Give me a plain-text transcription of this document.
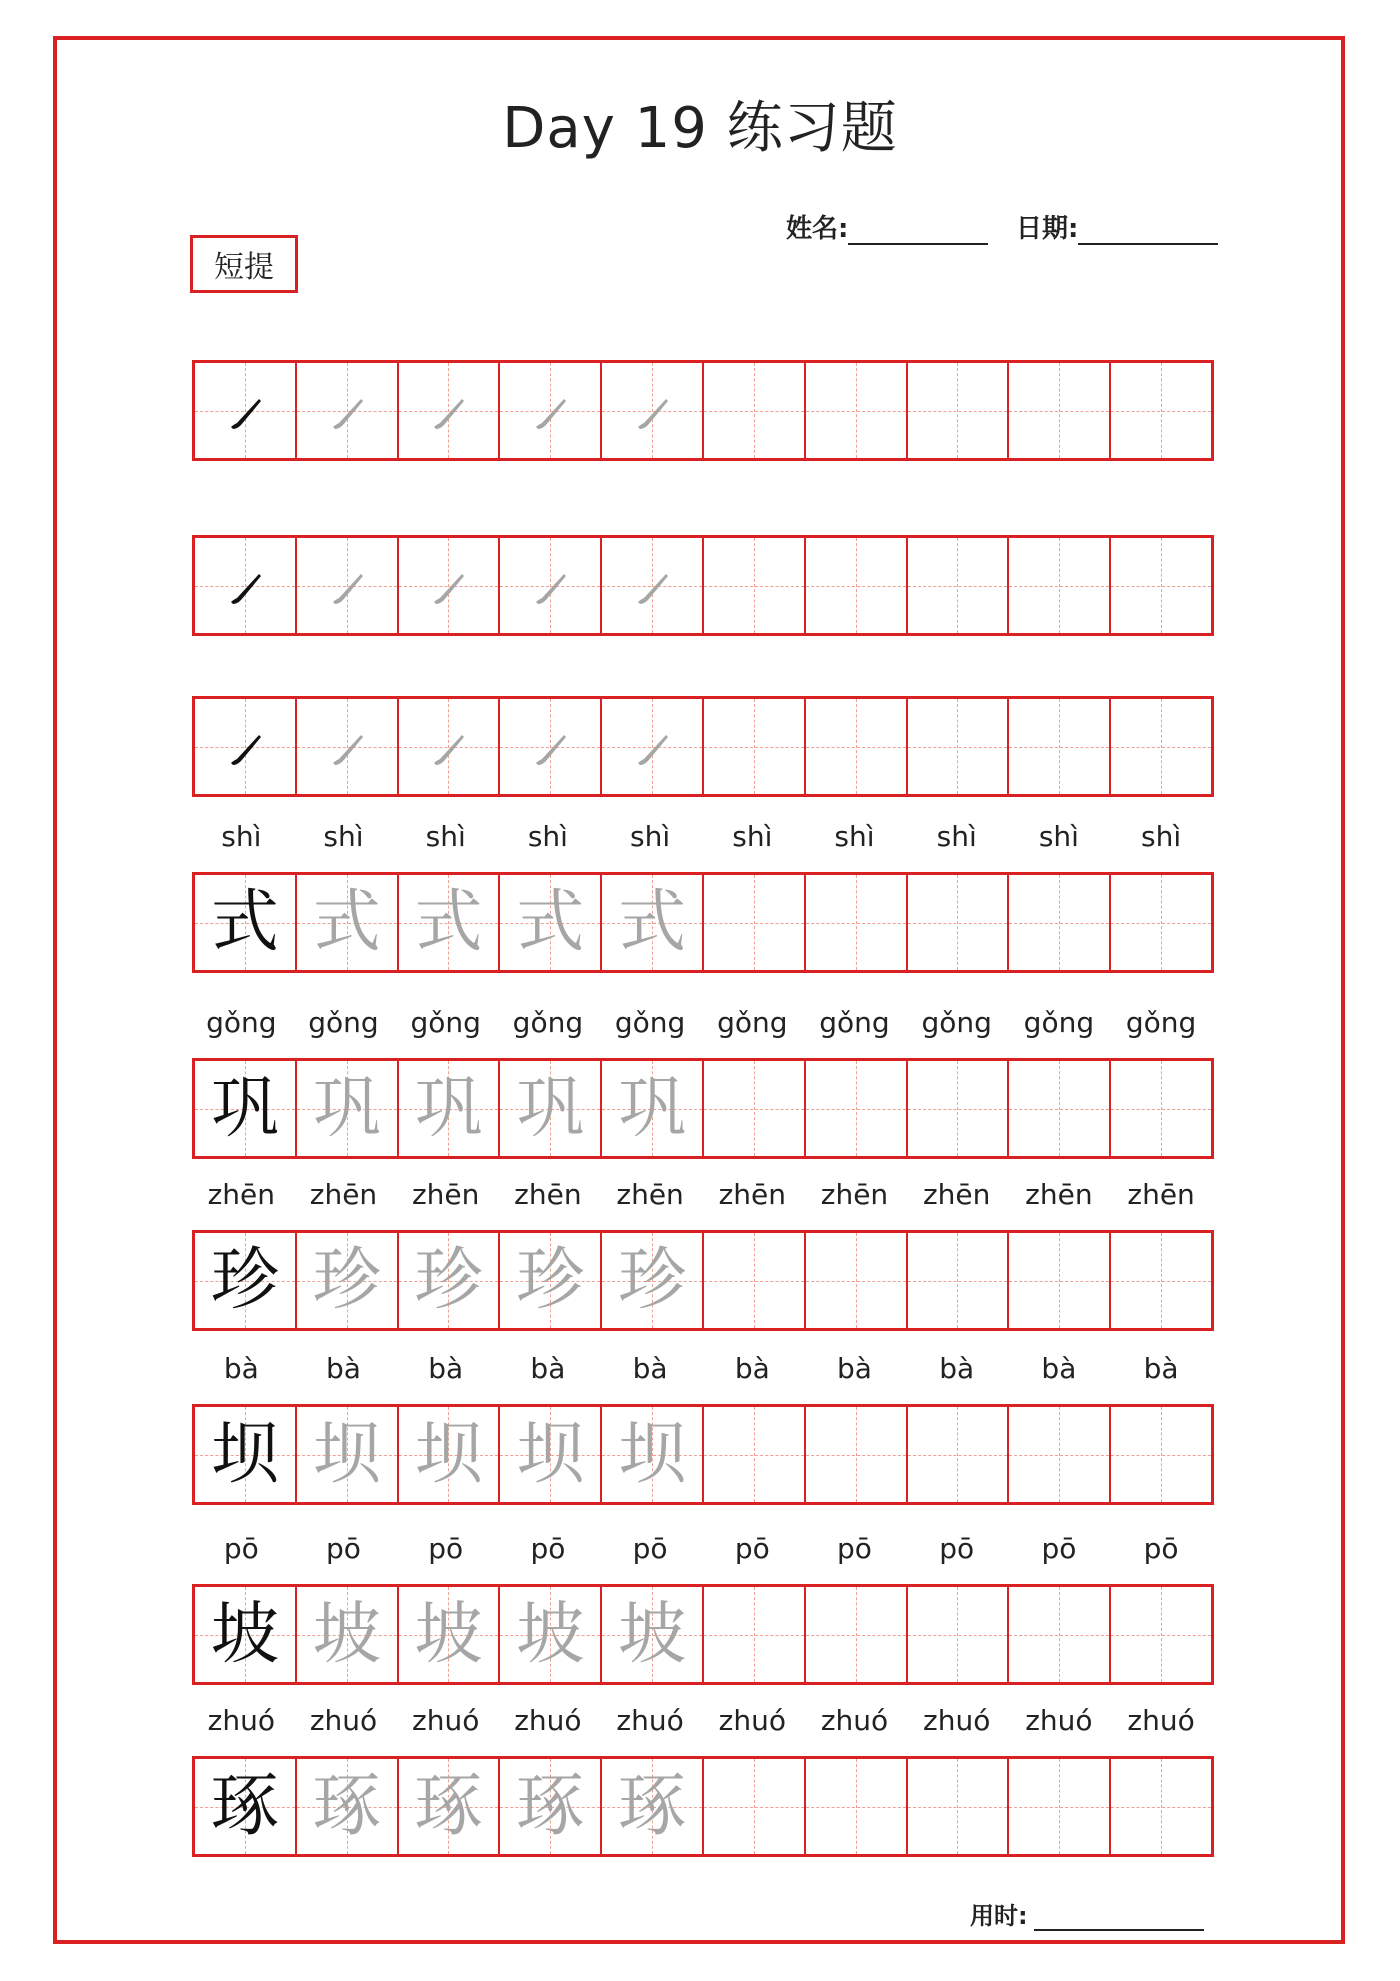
Day 19 练习题
姓名:	日期:
短提
shì	shì	shì	shì	shì	shì	shì	shì	shì	shì
式 式 式 式 式
gǒng	gǒng	gǒng	gǒng	gǒng	gǒng	gǒng	gǒng	gǒng	gǒng
巩 巩 巩 巩 巩
zhēn	zhēn	zhēn	zhēn	zhēn	zhēn	zhēn	zhēn	zhēn	zhēn
珍 珍 珍 珍 珍
bà	bà	bà	bà	bà	bà	bà	bà	bà	bà
坝 坝 坝 坝 坝
pō	pō	pō	pō	pō	pō	pō	pō	pō	pō
坡 坡 坡 坡 坡
zhuó	zhuó	zhuó	zhuó	zhuó	zhuó	zhuó	zhuó	zhuó	zhuó
琢 琢 琢 琢 琢
用时:
